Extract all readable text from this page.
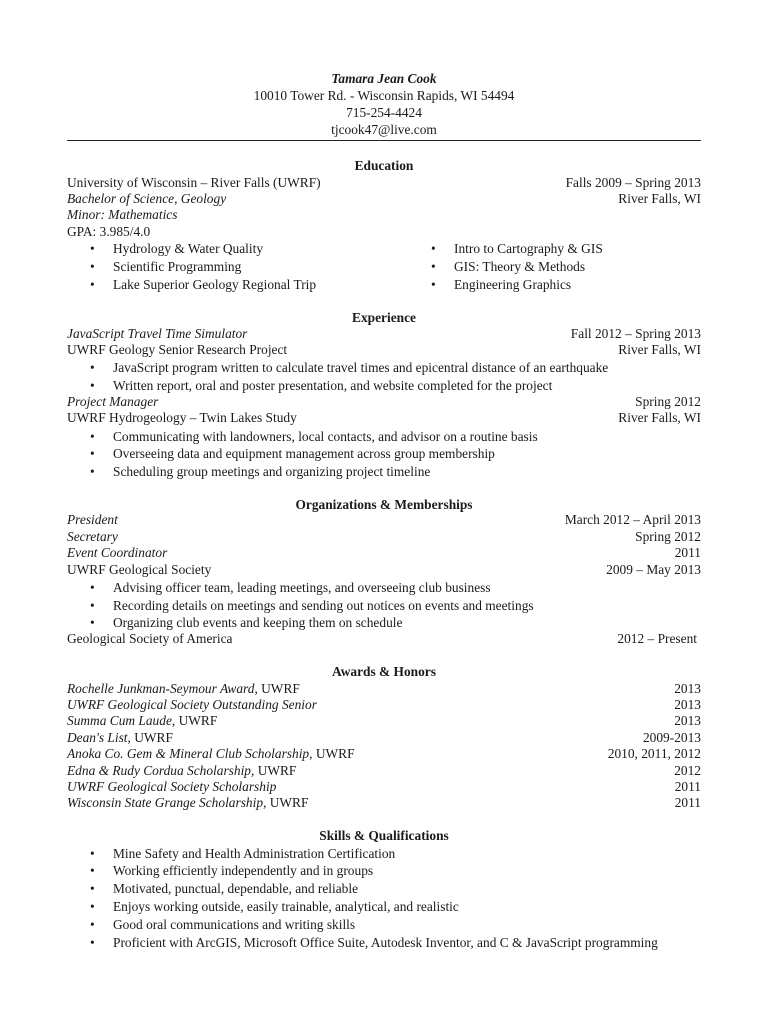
Tamara Jean Cook
10010 Tower Rd. - Wisconsin Rapids, WI 54494
715-254-4424
tjcook47@live.com
Education
University of Wisconsin – River Falls (UWRF)	Falls 2009 – Spring 2013
Bachelor of Science, Geology	River Falls, WI
Minor: Mathematics
GPA: 3.985/4.0
• Hydrology & Water Quality	• Intro to Cartography & GIS
• Scientific Programming	• GIS: Theory & Methods
• Lake Superior Geology Regional Trip	• Engineering Graphics
Experience
JavaScript Travel Time Simulator	Fall 2012 – Spring 2013
UWRF Geology Senior Research Project	River Falls, WI
• JavaScript program written to calculate travel times and epicentral distance of an earthquake
• Written report, oral and poster presentation, and website completed for the project
Project Manager	Spring 2012
UWRF Hydrogeology – Twin Lakes Study	River Falls, WI
• Communicating with landowners, local contacts, and advisor on a routine basis
• Overseeing data and equipment management across group membership
• Scheduling group meetings and organizing project timeline
Organizations & Memberships
President	March 2012 – April 2013
Secretary	Spring 2012
Event Coordinator	2011
UWRF Geological Society	2009 – May 2013
• Advising officer team, leading meetings, and overseeing club business
• Recording details on meetings and sending out notices on events and meetings
• Organizing club events and keeping them on schedule
Geological Society of America	2012 – Present
Awards & Honors
Rochelle Junkman-Seymour Award, UWRF	2013
UWRF Geological Society Outstanding Senior	2013
Summa Cum Laude, UWRF	2013
Dean's List, UWRF	2009-2013
Anoka Co. Gem & Mineral Club Scholarship, UWRF	2010, 2011, 2012
Edna & Rudy Cordua Scholarship, UWRF	2012
UWRF Geological Society Scholarship	2011
Wisconsin State Grange Scholarship, UWRF	2011
Skills & Qualifications
• Mine Safety and Health Administration Certification
• Working efficiently independently and in groups
• Motivated, punctual, dependable, and reliable
• Enjoys working outside, easily trainable, analytical, and realistic
• Good oral communications and writing skills
• Proficient with ArcGIS, Microsoft Office Suite, Autodesk Inventor, and C & JavaScript programming
